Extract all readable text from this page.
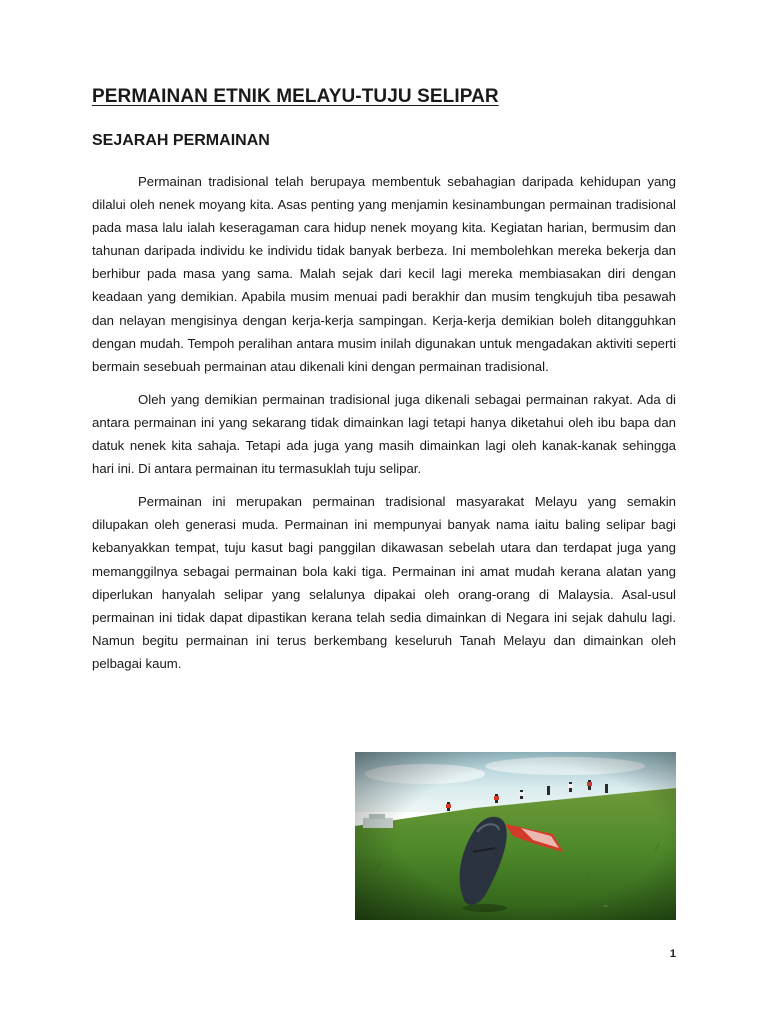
PERMAINAN ETNIK MELAYU-TUJU SELIPAR
SEJARAH PERMAINAN

Permainan tradisional telah berupaya membentuk sebahagian daripada kehidupan yang dilalui oleh nenek moyang kita. Asas penting yang menjamin kesinambungan permainan tradisional pada masa lalu ialah keseragaman cara hidup nenek moyang kita. Kegiatan harian, bermusim dan tahunan daripada individu ke individu tidak banyak berbeza. Ini membolehkan mereka bekerja dan berhibur pada masa yang sama. Malah sejak dari kecil lagi mereka membiasakan diri dengan keadaan yang demikian. Apabila musim menuai padi berakhir dan musim tengkujuh tiba pesawah dan nelayan mengisinya dengan kerja-kerja sampingan. Kerja-kerja demikian boleh ditangguhkan dengan mudah. Tempoh peralihan antara musim inilah digunakan untuk mengadakan aktiviti seperti bermain sesebuah permainan atau dikenali kini dengan permainan tradisional.

Oleh yang demikian permainan tradisional juga dikenali sebagai permainan rakyat. Ada di antara permainan ini yang sekarang tidak dimainkan lagi tetapi hanya diketahui oleh ibu bapa dan datuk nenek kita sahaja. Tetapi ada juga yang masih dimainkan lagi oleh kanak-kanak sehingga hari ini. Di antara permainan itu termasuklah tuju selipar.

Permainan ini merupakan permainan tradisional masyarakat Melayu yang semakin dilupakan oleh generasi muda. Permainan ini mempunyai banyak nama iaitu baling selipar bagi kebanyakkan tempat, tuju kasut bagi panggilan dikawasan sebelah utara dan terdapat juga yang memanggilnya sebagai permainan bola kaki tiga. Permainan ini amat mudah kerana alatan yang diperlukan hanyalah selipar yang selalunya dipakai oleh orang-orang di Malaysia. Asal-usul permainan ini tidak dapat dipastikan kerana telah sedia dimainkan di Negara ini sejak dahulu lagi. Namun begitu permainan ini terus berkembang keseluruh Tanah Melayu dan dimainkan oleh pelbagai kaum.

1
